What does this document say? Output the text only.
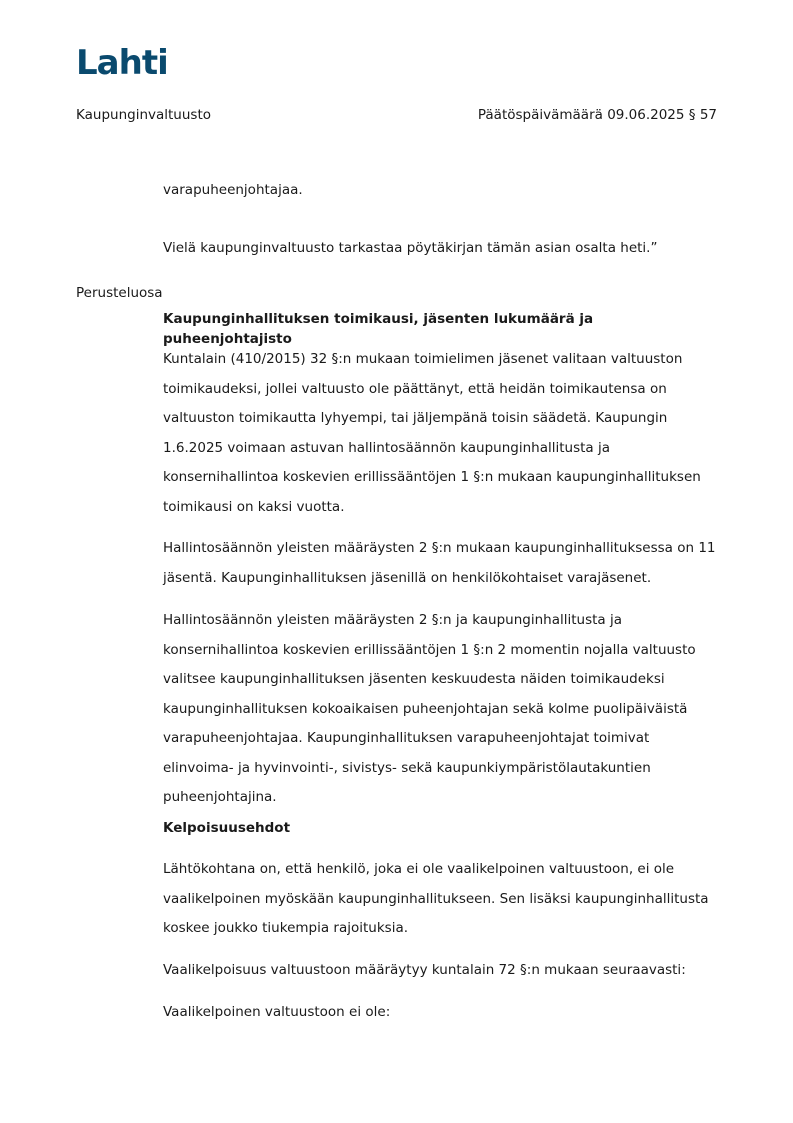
Lahti
Kaupunginvaltuusto	Päätöspäivämäärä 09.06.2025 § 57

varapuheenjohtajaa.

Vielä kaupunginvaltuusto tarkastaa pöytäkirjan tämän asian osalta heti.”

Perusteluosa

Kaupunginhallituksen toimikausi, jäsenten lukumäärä ja puheenjohtajisto

Kuntalain (410/2015) 32 §:n mukaan toimielimen jäsenet valitaan valtuuston toimikaudeksi, jollei valtuusto ole päättänyt, että heidän toimikautensa on valtuuston toimikautta lyhyempi, tai jäljempänä toisin säädetä. Kaupungin 1.6.2025 voimaan astuvan hallintosäännön kaupunginhallitusta ja konsernihallintoa koskevien erillissääntöjen 1 §:n mukaan kaupunginhallituksen toimikausi on kaksi vuotta.

Hallintosäännön yleisten määräysten 2 §:n mukaan kaupunginhallituksessa on 11 jäsentä. Kaupunginhallituksen jäsenillä on henkilökohtaiset varajäsenet.

Hallintosäännön yleisten määräysten 2 §:n ja kaupunginhallitusta ja konsernihallintoa koskevien erillissääntöjen 1 §:n 2 momentin nojalla valtuusto valitsee kaupunginhallituksen jäsenten keskuudesta näiden toimikaudeksi kaupunginhallituksen kokoaikaisen puheenjohtajan sekä kolme puolipäiväistä varapuheenjohtajaa. Kaupunginhallituksen varapuheenjohtajat toimivat elinvoima- ja hyvinvointi-, sivistys- sekä kaupunkiympäristölautakuntien puheenjohtajina.

Kelpoisuusehdot

Lähtökohtana on, että henkilö, joka ei ole vaalikelpoinen valtuustoon, ei ole vaalikelpoinen myöskään kaupunginhallitukseen. Sen lisäksi kaupunginhallitusta koskee joukko tiukempia rajoituksia.

Vaalikelpoisuus valtuustoon määräytyy kuntalain 72 §:n mukaan seuraavasti:

Vaalikelpoinen valtuustoon ei ole:
